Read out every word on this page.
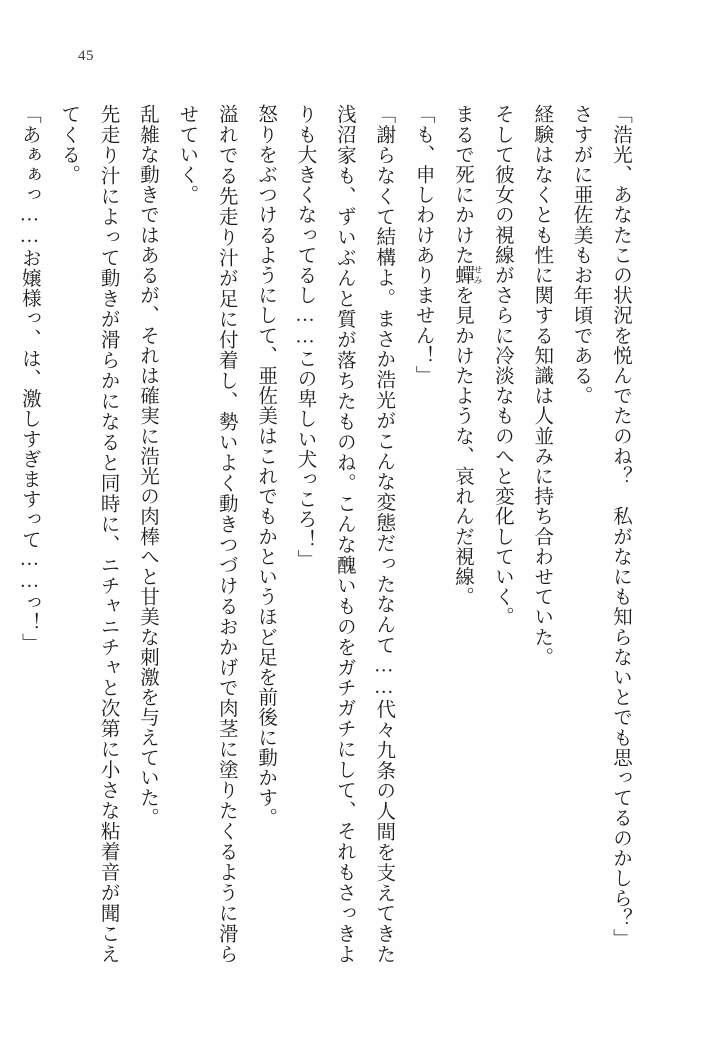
45

「浩光、あなたこの状況を悦んでたのね？　私がなにも知らないとでも思ってるのかしら？」

さすがに亜佐美もお年頃である。

経験はなくとも性に関する知識は人並みに持ち合わせていた。

そして彼女の視線がさらに冷淡なものへと変化していく。

まるで死にかけた蟬 せみを見かけたような、哀れんだ視線。

「も、申しわけありません！」

「謝らなくて結構よ。まさか浩光がこんな変態だったなんて……代々九条の人間を支えてきた浅沼家も、ずいぶんと質が落ちたものね。こんな醜いものをガチガチにして、それもさっきよりも大きくなってるし……この卑しい犬っころ！」

怒りをぶつけるようにして、亜佐美はこれでもかというほど足を前後に動かす。

溢れでる先走り汁が足に付着し、勢いよく動きつづけるおかげで肉茎に塗りたくるように滑らせていく。

乱雑な動きではあるが、それは確実に浩光の肉棒へと甘美な刺激を与えていた。

先走り汁によって動きが滑らかになると同時に、ニチャニチャと次第に小さな粘着音が聞こえてくる。

「あぁぁっ……お嬢様っ、は、激しすぎますって……っ！」
